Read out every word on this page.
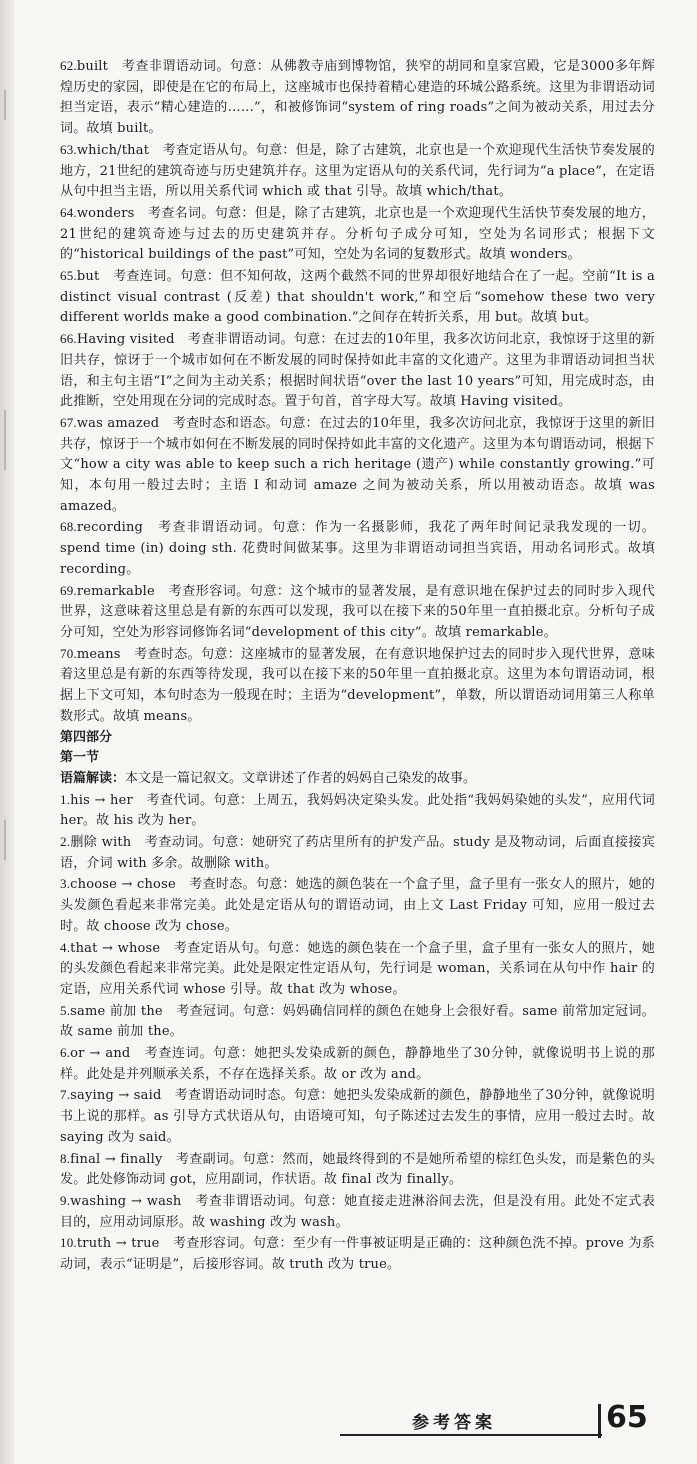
62.built　考查非谓语动词。句意：从佛教寺庙到博物馆，狭窄的胡同和皇家宫殿，它是3000多年辉煌历史的家园，即使是在它的布局上，这座城市也保持着精心建造的环城公路系统。这里为非谓语动词担当定语，表示“精心建造的……”，和被修饰词“system of ring roads”之间为被动关系，用过去分词。故填 built。

63.which/that　考查定语从句。句意：但是，除了古建筑，北京也是一个欢迎现代生活快节奏发展的地方，21世纪的建筑奇迹与历史建筑并存。这里为定语从句的关系代词，先行词为“a place”，在定语从句中担当主语，所以用关系代词 which 或 that 引导。故填 which/that。

64.wonders　考查名词。句意：但是，除了古建筑，北京也是一个欢迎现代生活快节奏发展的地方，21世纪的建筑奇迹与过去的历史建筑并存。分析句子成分可知，空处为名词形式；根据下文的“historical buildings of the past”可知，空处为名词的复数形式。故填 wonders。

65.but　考查连词。句意：但不知何故，这两个截然不同的世界却很好地结合在了一起。空前“It is a distinct visual contrast (反差) that shouldn't work,”和空后“somehow these two very different worlds make a good combination.”之间存在转折关系，用 but。故填 but。

66.Having visited　考查非谓语动词。句意：在过去的10年里，我多次访问北京，我惊讶于这里的新旧共存，惊讶于一个城市如何在不断发展的同时保持如此丰富的文化遗产。这里为非谓语动词担当状语，和主句主语“I”之间为主动关系；根据时间状语“over the last 10 years”可知，用完成时态，由此推断，空处用现在分词的完成时态。置于句首，首字母大写。故填 Having visited。

67.was amazed　考查时态和语态。句意：在过去的10年里，我多次访问北京，我惊讶于这里的新旧共存，惊讶于一个城市如何在不断发展的同时保持如此丰富的文化遗产。这里为本句谓语动词，根据下文“how a city was able to keep such a rich heritage (遗产) while constantly growing.”可知，本句用一般过去时；主语 I 和动词 amaze 之间为被动关系，所以用被动语态。故填 was amazed。

68.recording　考查非谓语动词。句意：作为一名摄影师，我花了两年时间记录我发现的一切。spend time (in) doing sth. 花费时间做某事。这里为非谓语动词担当宾语，用动名词形式。故填 recording。

69.remarkable　考查形容词。句意：这个城市的显著发展，是有意识地在保护过去的同时步入现代世界，这意味着这里总是有新的东西可以发现，我可以在接下来的50年里一直拍摄北京。分析句子成分可知，空处为形容词修饰名词“development of this city”。故填 remarkable。

70.means　考查时态。句意：这座城市的显著发展，在有意识地保护过去的同时步入现代世界，意味着这里总是有新的东西等待发现，我可以在接下来的50年里一直拍摄北京。这里为本句谓语动词，根据上下文可知，本句时态为一般现在时；主语为“development”，单数，所以谓语动词用第三人称单数形式。故填 means。

第四部分

第一节

语篇解读：本文是一篇记叙文。文章讲述了作者的妈妈自己染发的故事。

1.his → her　考查代词。句意：上周五，我妈妈决定染头发。此处指“我妈妈染她的头发”，应用代词 her。故 his 改为 her。

2.删除 with　考查动词。句意：她研究了药店里所有的护发产品。study 是及物动词，后面直接接宾语，介词 with 多余。故删除 with。

3.choose → chose　考查时态。句意：她选的颜色装在一个盒子里，盒子里有一张女人的照片，她的头发颜色看起来非常完美。此处是定语从句的谓语动词，由上文 Last Friday 可知，应用一般过去时。故 choose 改为 chose。

4.that → whose　考查定语从句。句意：她选的颜色装在一个盒子里，盒子里有一张女人的照片，她的头发颜色看起来非常完美。此处是限定性定语从句，先行词是 woman，关系词在从句中作 hair 的定语，应用关系代词 whose 引导。故 that 改为 whose。

5.same 前加 the　考查冠词。句意：妈妈确信同样的颜色在她身上会很好看。same 前常加定冠词。故 same 前加 the。

6.or → and　考查连词。句意：她把头发染成新的颜色，静静地坐了30分钟，就像说明书上说的那样。此处是并列顺承关系，不存在选择关系。故 or 改为 and。

7.saying → said　考查谓语动词时态。句意：她把头发染成新的颜色，静静地坐了30分钟，就像说明书上说的那样。as 引导方式状语从句，由语境可知，句子陈述过去发生的事情，应用一般过去时。故 saying 改为 said。

8.final → finally　考查副词。句意：然而，她最终得到的不是她所希望的棕红色头发，而是紫色的头发。此处修饰动词 got，应用副词，作状语。故 final 改为 finally。

9.washing → wash　考查非谓语动词。句意：她直接走进淋浴间去洗，但是没有用。此处不定式表目的，应用动词原形。故 washing 改为 wash。

10.truth → true　考查形容词。句意：至少有一件事被证明是正确的：这种颜色洗不掉。prove 为系动词，表示“证明是”，后接形容词。故 truth 改为 true。

参考答案	65
